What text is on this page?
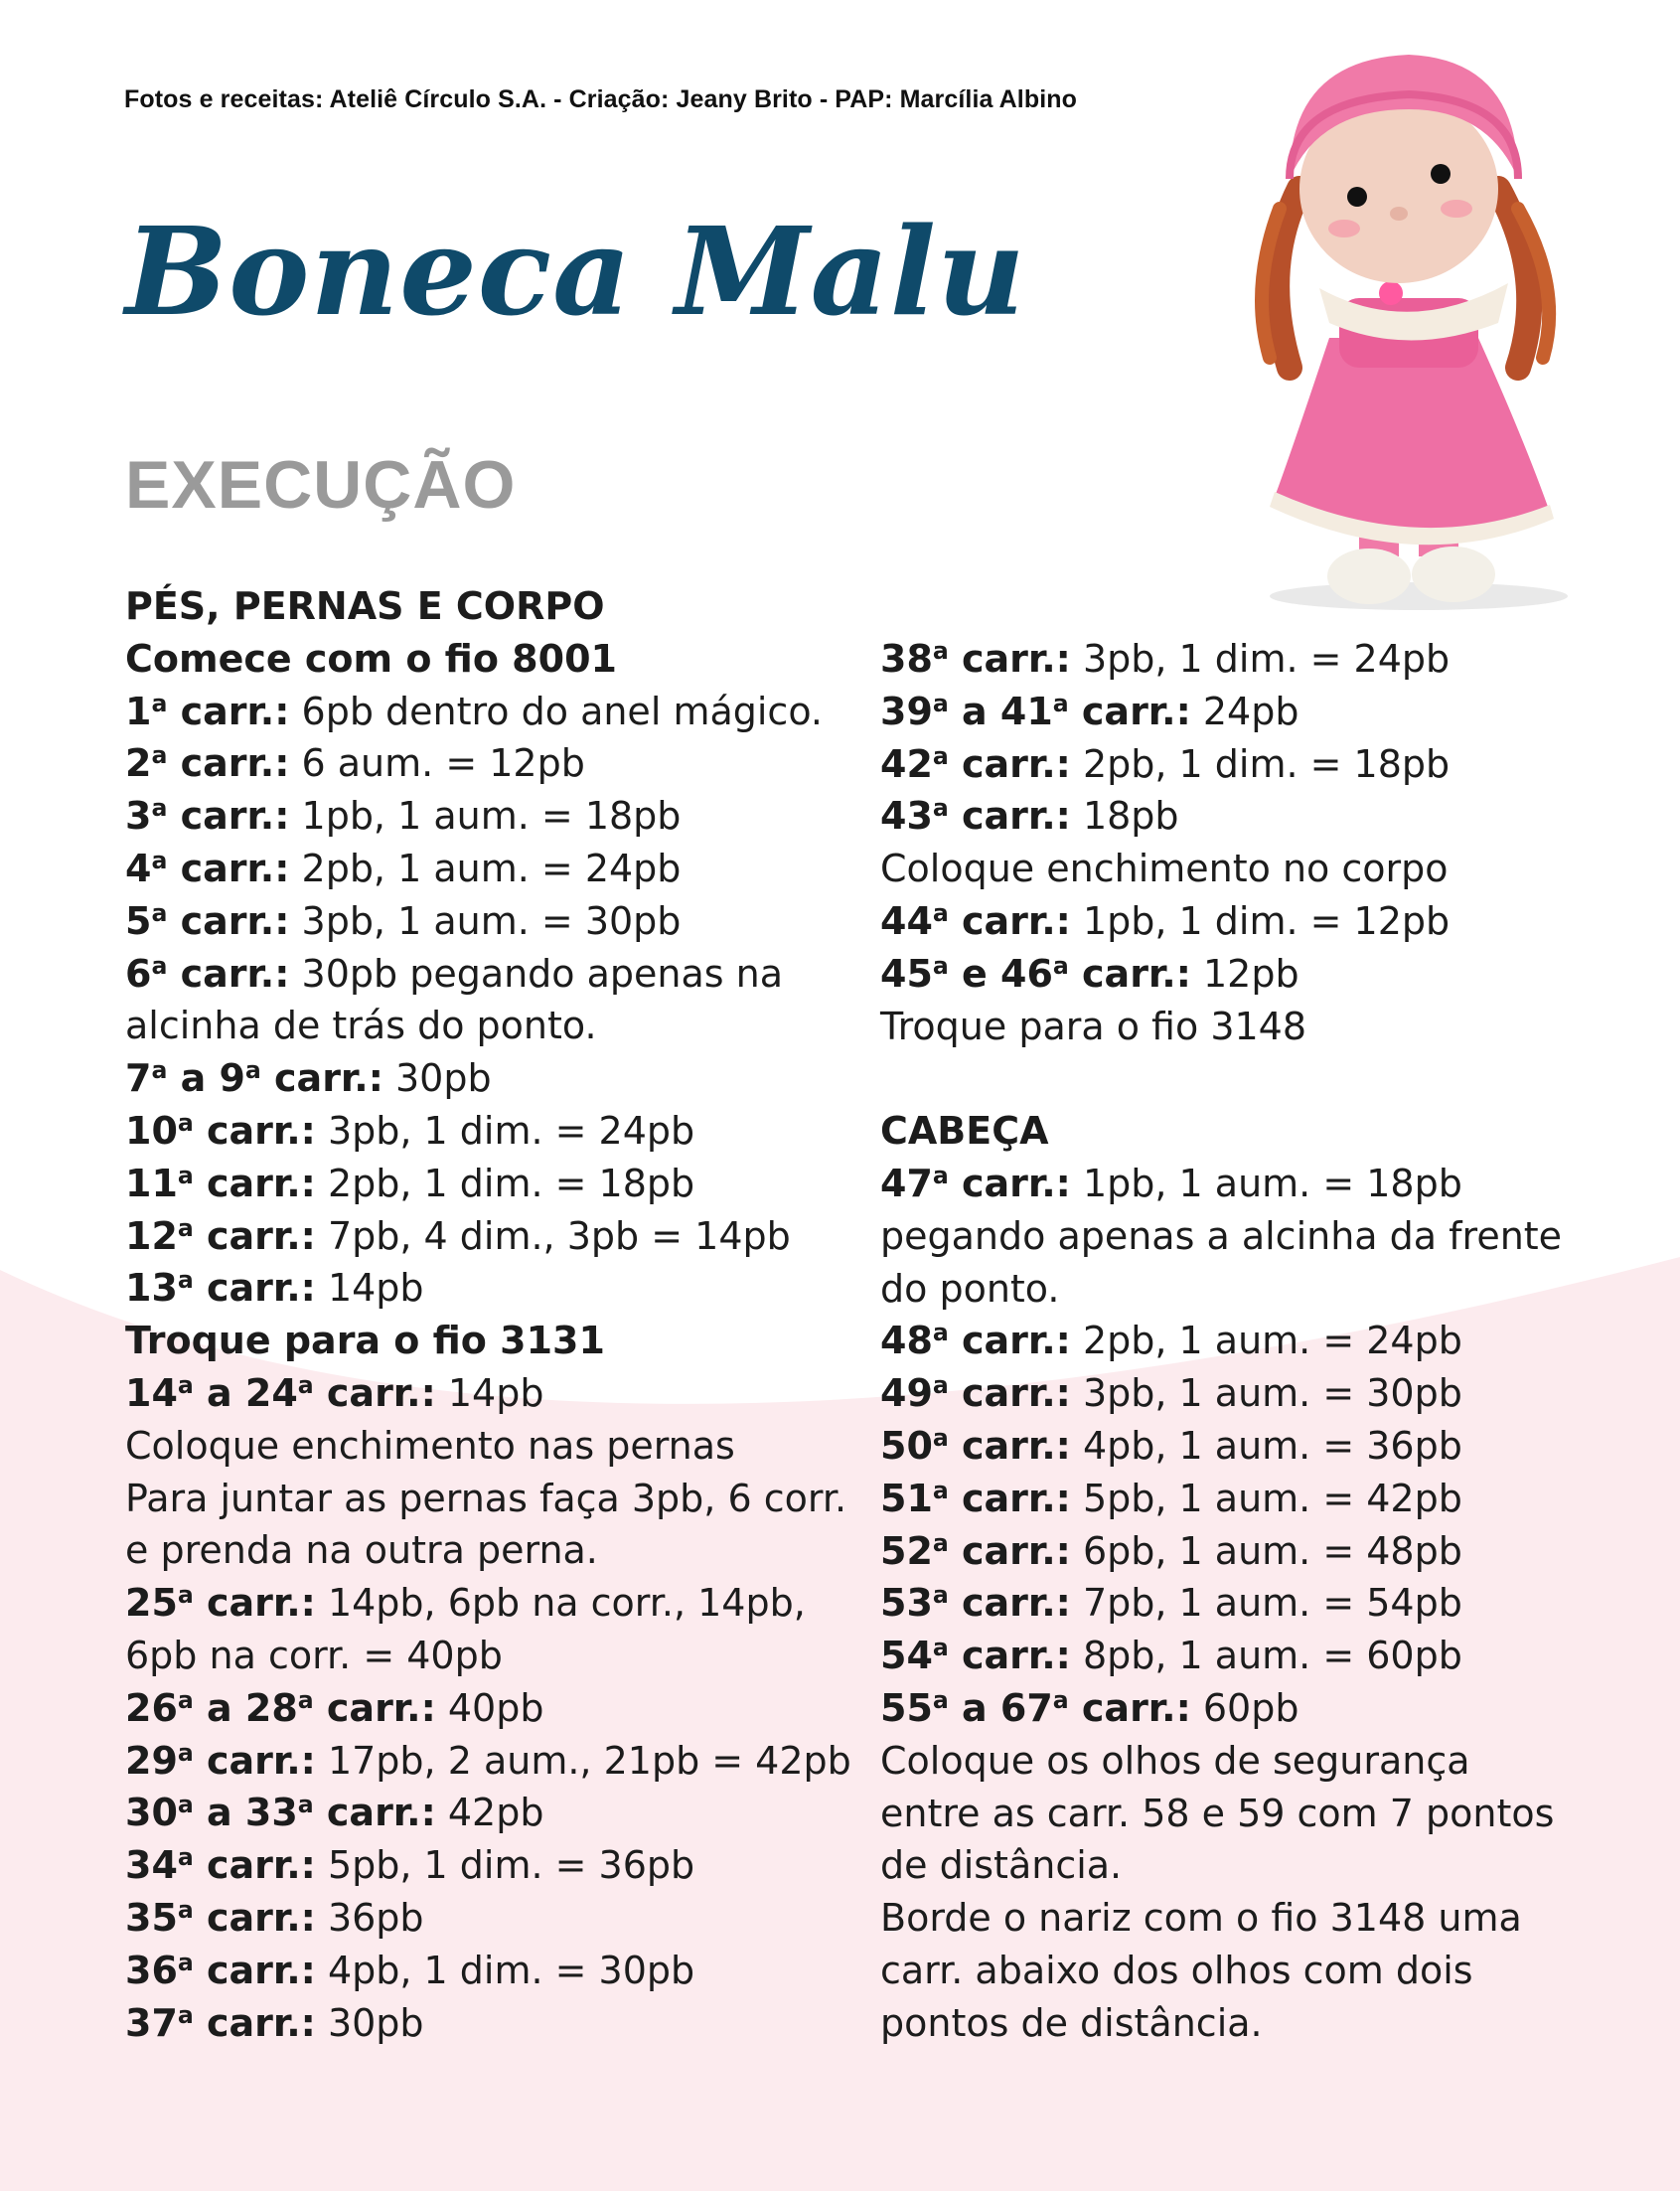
Fotos e receitas: Ateliê Círculo S.A. - Criação: Jeany Brito - PAP: Marcília Albino
Boneca Malu
EXECUÇÃO
PÉS, PERNAS E CORPO
Comece com o fio 8001
1$^a$ carr.: 6pb dentro do anel mágico.
2$^a$ carr.: 6 aum. = 12pb
3$^a$ carr.: 1pb, 1 aum. = 18pb
4$^a$ carr.: 2pb, 1 aum. = 24pb
5$^a$ carr.: 3pb, 1 aum. = 30pb
6$^a$ carr.: 30pb pegando apenas na
alcinha de trás do ponto.
7$^a$ a 9$^a$ carr.: 30pb
10$^a$ carr.: 3pb, 1 dim. = 24pb
11$^a$ carr.: 2pb, 1 dim. = 18pb
12$^a$ carr.: 7pb, 4 dim., 3pb = 14pb
13$^a$ carr.: 14pb
Troque para o fio 3131
14$^a$ a 24$^a$ carr.: 14pb
Coloque enchimento nas pernas
Para juntar as pernas faça 3pb, 6 corr.
e prenda na outra perna.
25$^a$ carr.: 14pb, 6pb na corr., 14pb,
6pb na corr. = 40pb
26$^a$ a 28$^a$ carr.: 40pb
29$^a$ carr.: 17pb, 2 aum., 21pb = 42pb
30$^a$ a 33$^a$ carr.: 42pb
34$^a$ carr.: 5pb, 1 dim. = 36pb
35$^a$ carr.: 36pb
36$^a$ carr.: 4pb, 1 dim. = 30pb
37$^a$ carr.: 30pb
38$^a$ carr.: 3pb, 1 dim. = 24pb
39$^a$ a 41$^a$ carr.: 24pb
42$^a$ carr.: 2pb, 1 dim. = 18pb
43$^a$ carr.: 18pb
Coloque enchimento no corpo
44$^a$ carr.: 1pb, 1 dim. = 12pb
45$^a$ e 46$^a$ carr.: 12pb
Troque para o fio 3148
CABEÇA
47$^a$ carr.: 1pb, 1 aum. = 18pb
pegando apenas a alcinha da frente
do ponto.
48$^a$ carr.: 2pb, 1 aum. = 24pb
49$^a$ carr.: 3pb, 1 aum. = 30pb
50$^a$ carr.: 4pb, 1 aum. = 36pb
51$^a$ carr.: 5pb, 1 aum. = 42pb
52$^a$ carr.: 6pb, 1 aum. = 48pb
53$^a$ carr.: 7pb, 1 aum. = 54pb
54$^a$ carr.: 8pb, 1 aum. = 60pb
55$^a$ a 67$^a$ carr.: 60pb
Coloque os olhos de segurança
entre as carr. 58 e 59 com 7 pontos
de distância.
Borde o nariz com o fio 3148 uma
carr. abaixo dos olhos com dois
pontos de distância.
